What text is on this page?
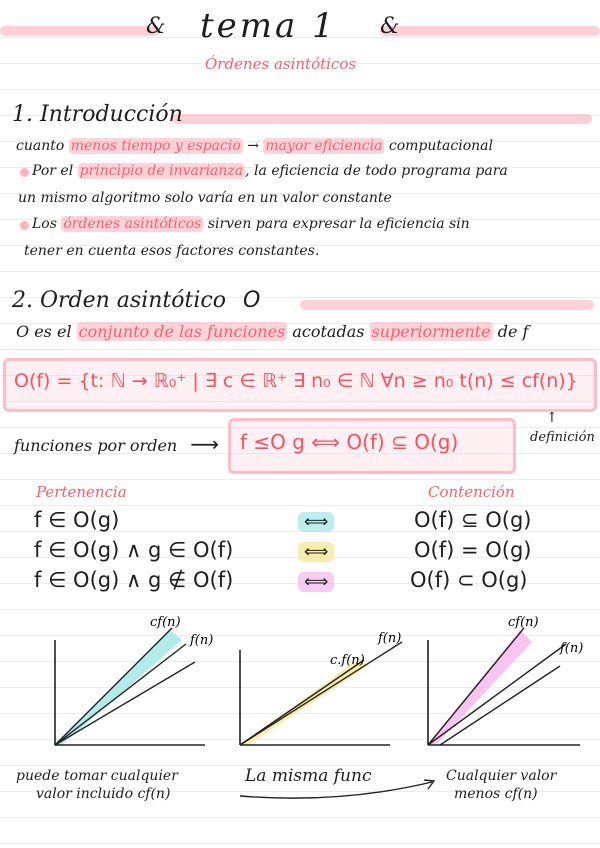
& tema 1 &
Órdenes asintóticos
1. Introducción
cuanto menos tiempo y espacio → mayor eficiencia computacional
Por el principio de invarianza , la eficiencia de todo programa para
un mismo algoritmo solo varía en un valor constante
Los órdenes asintóticos sirven para expresar la eficiencia sin
tener en cuenta esos factores constantes.
2. Orden asintótico O
O es el conjunto de las funciones acotadas superiormente de f
O(f) = {t: ℕ → ℝ₀⁺ | ∃ c ∈ ℝ⁺ ∃ n₀ ∈ ℕ ∀n ≥ n₀ t(n) ≤ cf(n)}
funciones por orden ⟶ f ≤O g ⟺ O(f) ⊆ O(g)
↑
definición
Pertenencia	Contención
f ∈ O(g)	⟺	O(f) ⊆ O(g)
f ∈ O(g) ∧ g ∈ O(f)	⟺	O(f) = O(g)
f ∈ O(g) ∧ g ∉ O(f)	⟺	O(f) ⊂ O(g)
cf(n)
f(n)	f(n)
c.f(n)
cf(n)
f(n)
puede tomar cualquier
valor incluido cf(n)
La misma func	Cualquier valor
menos cf(n)
